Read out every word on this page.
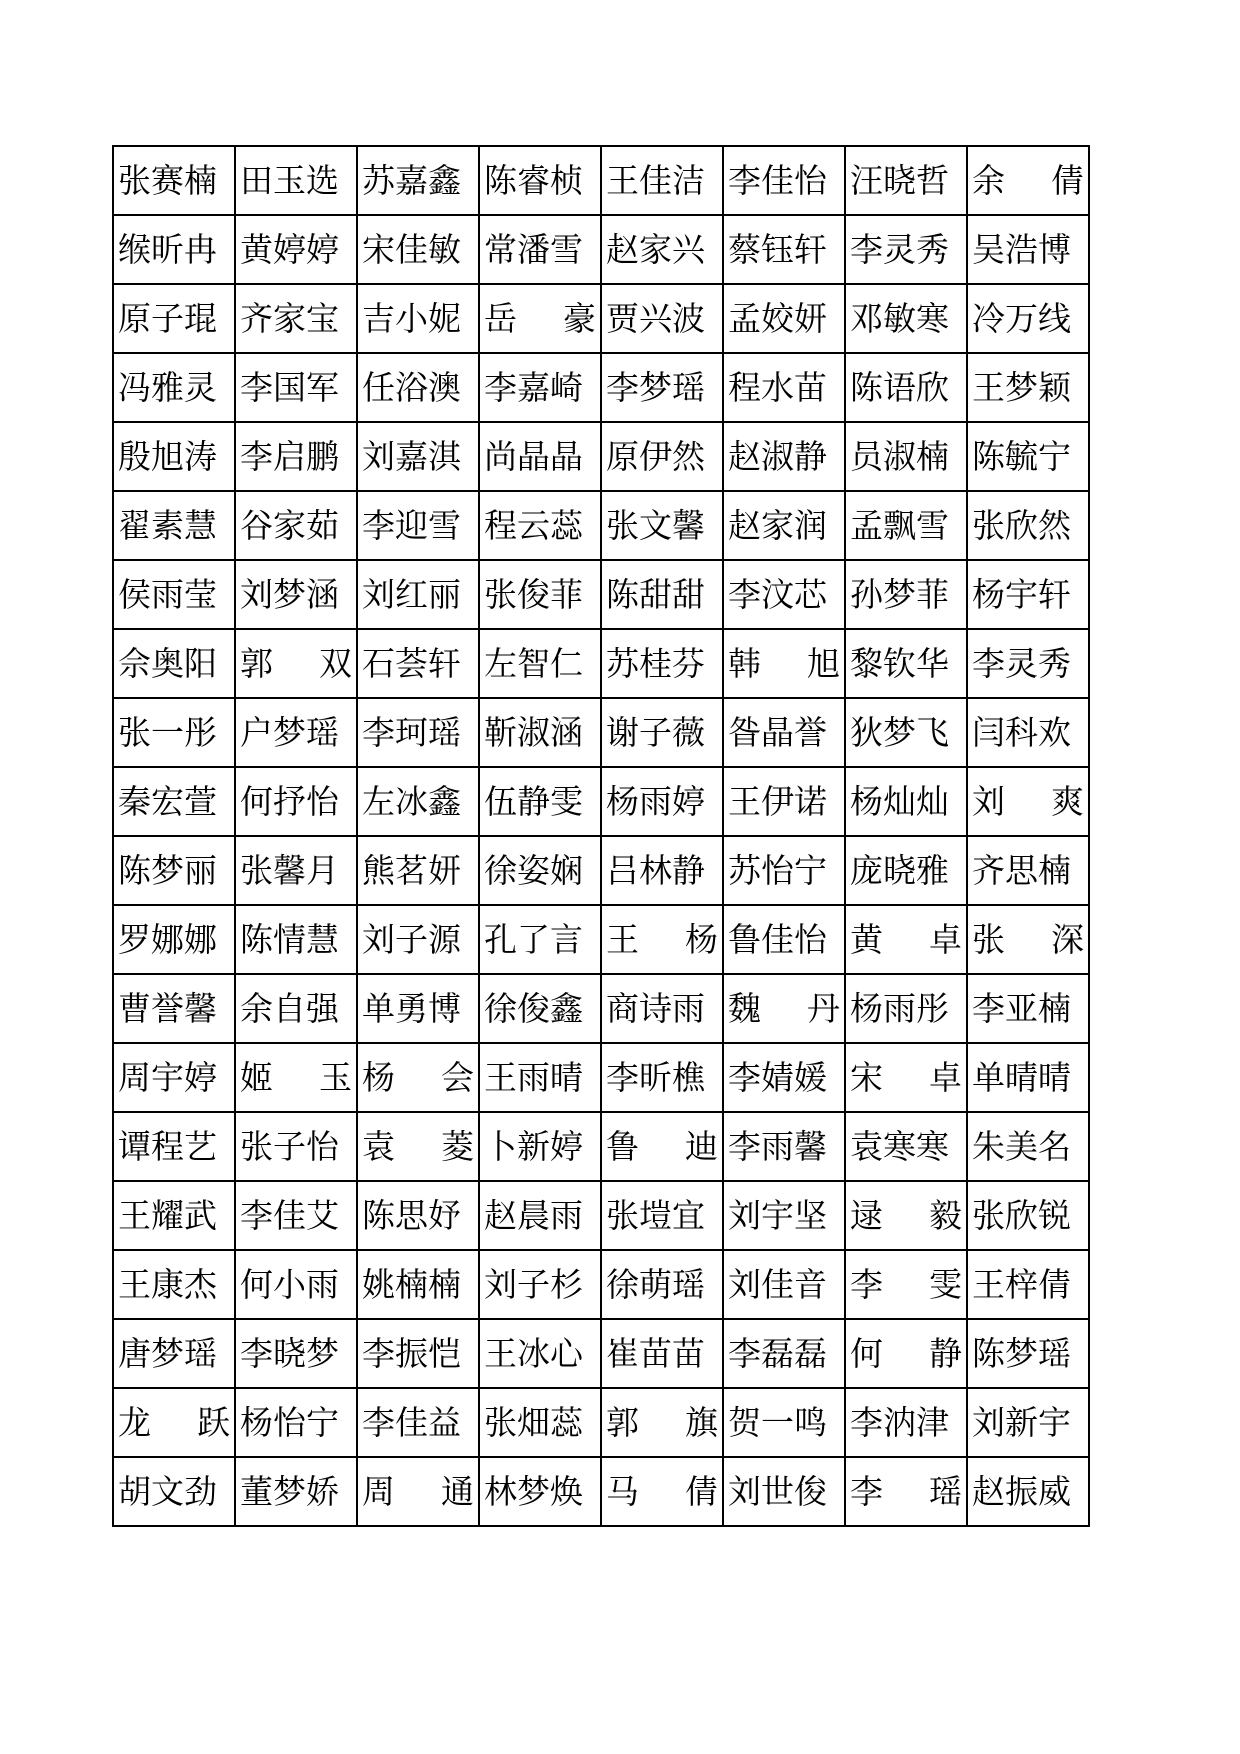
张赛楠	田玉选	苏嘉鑫	陈睿桢	王佳洁	李佳怡	汪晓哲	余 倩

缑昕冉	黄婷婷	宋佳敏	常潘雪	赵家兴	蔡钰轩	李灵秀	吴浩博

原子琨	齐家宝	吉小妮	岳 豪	贾兴波	孟姣妍	邓敏寒	冷万线

冯雅灵	李国军	任浴澳	李嘉崎	李梦瑶	程水苗	陈语欣	王梦颖

殷旭涛	李启鹏	刘嘉淇	尚晶晶	原伊然	赵淑静	员淑楠	陈毓宁

翟素慧	谷家茹	李迎雪	程云蕊	张文馨	赵家润	孟飘雪	张欣然

侯雨莹	刘梦涵	刘红丽	张俊菲	陈甜甜	李汶芯	孙梦菲	杨宇轩

佘奥阳	郭 双	石荟轩	左智仁	苏桂芬	韩 旭	黎钦华	李灵秀

张一彤	户梦瑶	李珂瑶	靳淑涵	谢子薇	昝晶誉	狄梦飞	闫科欢

秦宏萱	何抒怡	左冰鑫	伍静雯	杨雨婷	王伊诺	杨灿灿	刘 爽

陈梦丽	张馨月	熊茗妍	徐姿娴	吕林静	苏怡宁	庞晓雅	齐思楠

罗娜娜	陈情慧	刘子源	孔了言	王 杨	鲁佳怡	黄 卓	张 深

曹誉馨	余自强	单勇博	徐俊鑫	商诗雨	魏 丹	杨雨彤	李亚楠

周宇婷	姬 玉	杨 会	王雨晴	李昕樵	李婧媛	宋 卓	单晴晴

谭程艺	张子怡	袁 菱	卜新婷	鲁 迪	李雨馨	袁寒寒	朱美名

王耀武	李佳艾	陈思妤	赵晨雨	张塏宜	刘宇坚	逯 毅	张欣锐

王康杰	何小雨	姚楠楠	刘子杉	徐萌瑶	刘佳音	李 雯	王梓倩

唐梦瑶	李晓梦	李振恺	王冰心	崔苗苗	李磊磊	何 静	陈梦瑶

龙 跃	杨怡宁	李佳益	张畑蕊	郭 旗	贺一鸣	李汭津	刘新宇

胡文劲	董梦娇	周 通	林梦焕	马 倩	刘世俊	李 瑶	赵振威
